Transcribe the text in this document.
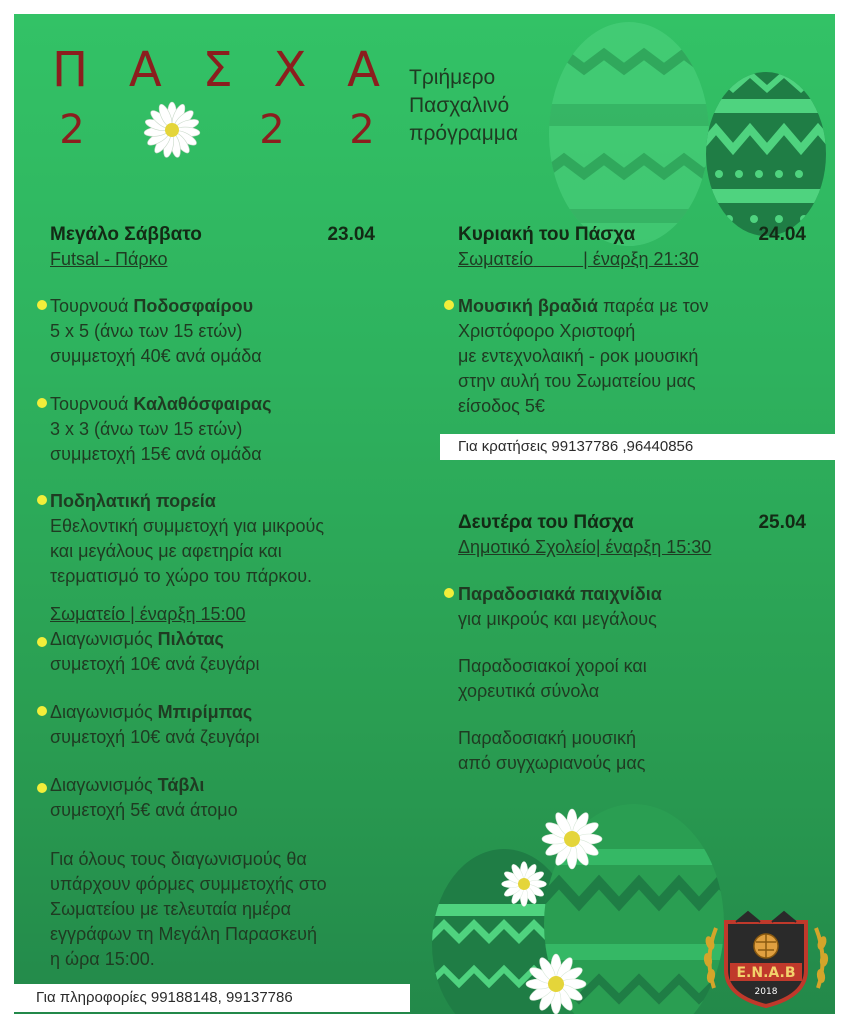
Π Α Σ Χ Α
2	2 2
Τριήμερο
Πασχαλινό
πρόγραμμα
Μεγάλο Σάββατο	23.04
Futsal - Πάρκο
Τουρνουά Ποδοσφαίρου
5 x 5 (άνω των 15 ετών)
συμμετοχή 40€ ανά ομάδα
Τουρνουά Καλαθόσφαιρας
3 x 3 (άνω των 15 ετών)
συμμετοχή 15€ ανά ομάδα
Ποδηλατική πορεία
Εθελοντική συμμετοχή για μικρούς
και μεγάλους με αφετηρία και
τερματισμό το χώρο του πάρκου.
Σωματείο | έναρξη 15:00
Διαγωνισμός Πιλότας
συμετοχή 10€ ανά ζευγάρι
Διαγωνισμός Μπιρίμπας
συμετοχή 10€ ανά ζευγάρι
Διαγωνισμός Τάβλι
συμετοχή 5€ ανά άτομο
Για όλους τους διαγωνισμούς θα
υπάρχουν φόρμες συμμετοχής στο
Σωματείου με τελευταία ημέρα
εγγράφων τη Μεγάλη Παρασκευή
η ώρα 15:00.
Κυριακή του Πάσχα	24.04
Σωματείο	| έναρξη 21:30
Μουσική βραδιά παρέα με τον
Χριστόφορο Χριστοφή
με εντεχνολαική - ροκ μουσική
στην αυλή του Σωματείου μας
είσοδος 5€
Για κρατήσεις 99137786 ,96440856
Δευτέρα του Πάσχα	25.04
Δημοτικό Σχολείο| έναρξη 15:30
Παραδοσιακά παιχνίδια
για μικρούς και μεγάλους
Παραδοσιακοί χοροί και
χορευτικά σύνολα
Παραδοσιακή μουσική
από συγχωριανούς μας
Για πληροφορίες 99188148, 99137786
E.N.A.B
2018
